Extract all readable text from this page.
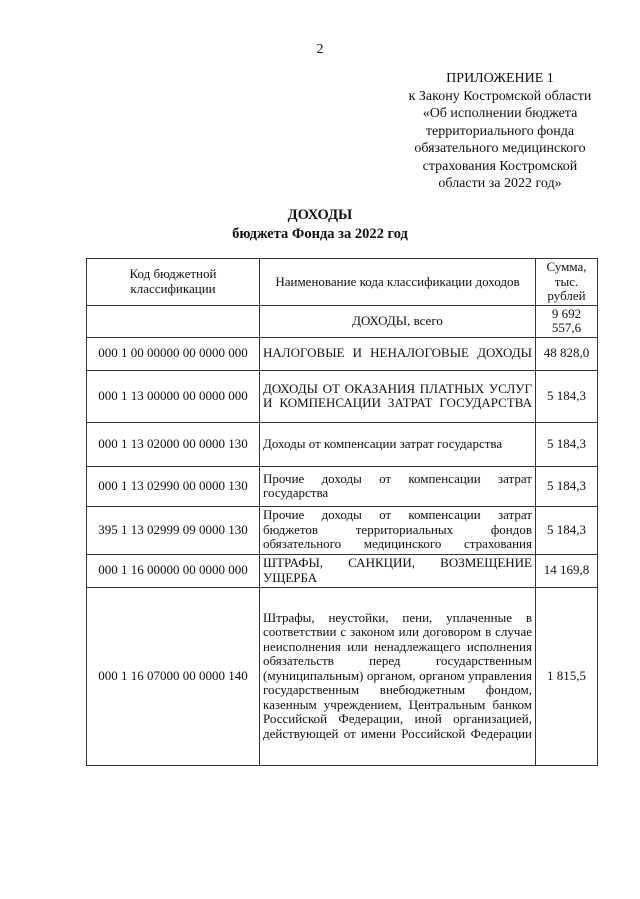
2
ПРИЛОЖЕНИЕ 1
к Закону Костромской области
«Об исполнении бюджета
территориального фонда
обязательного медицинского
страхования Костромской
области за 2022 год»
ДОХОДЫ
бюджета Фонда за 2022 год
Код бюджетной классификации	Наименование кода классификации доходов	Сумма, тыс. рублей
	ДОХОДЫ, всего	9 692 557,6
000 1 00 00000 00 0000 000	НАЛОГОВЫЕ И НЕНАЛОГОВЫЕ ДОХОДЫ	48 828,0
000 1 13 00000 00 0000 000	ДОХОДЫ ОТ ОКАЗАНИЯ ПЛАТНЫХ УСЛУГ И КОМПЕНСАЦИИ ЗАТРАТ ГОСУДАРСТВА	5 184,3
000 1 13 02000 00 0000 130	Доходы от компенсации затрат государства	5 184,3
000 1 13 02990 00 0000 130	Прочие доходы от компенсации затрат государства	5 184,3
395 1 13 02999 09 0000 130	Прочие доходы от компенсации затрат бюджетов территориальных фондов обязательного медицинского страхования	5 184,3
000 1 16 00000 00 0000 000	ШТРАФЫ, САНКЦИИ, ВОЗМЕЩЕНИЕ УЩЕРБА	14 169,8
000 1 16 07000 00 0000 140	Штрафы, неустойки, пени, уплаченные в соответствии с законом или договором в случае неисполнения или ненадлежащего исполнения обязательств перед государственным (муниципальным) органом, органом управления государственным внебюджетным фондом, казенным учреждением, Центральным банком Российской Федерации, иной организацией, действующей от имени Российской Федерации	1 815,5
